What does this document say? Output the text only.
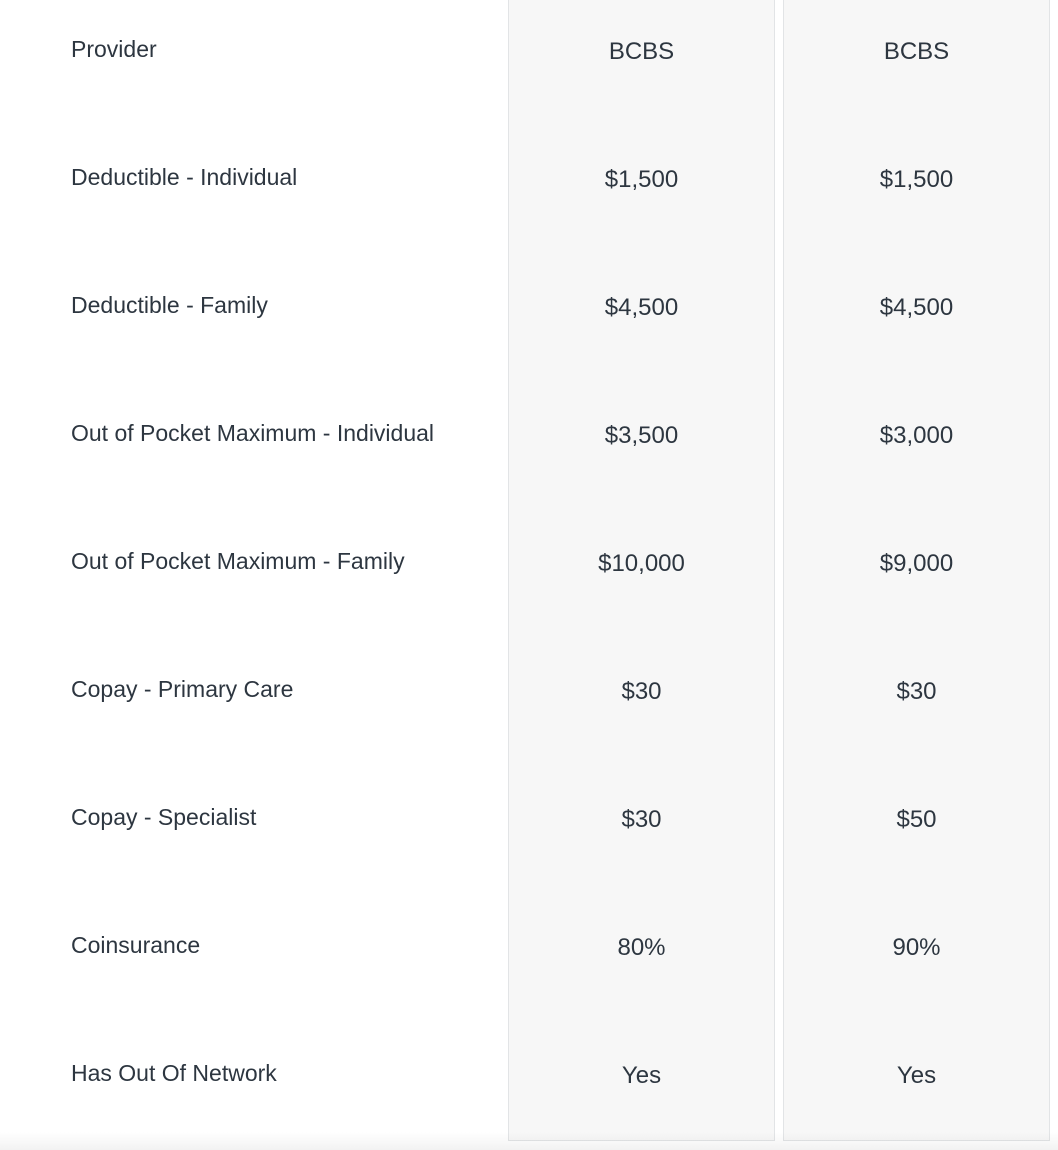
Provider
Deductible - Individual
Deductible - Family
Out of Pocket Maximum - Individual
Out of Pocket Maximum - Family
Copay - Primary Care
Copay - Specialist
Coinsurance
Has Out Of Network
BCBS
$1,500
$4,500
$3,500
$10,000
$30
$30
80%
Yes
BCBS
$1,500
$4,500
$3,000
$9,000
$30
$50
90%
Yes
